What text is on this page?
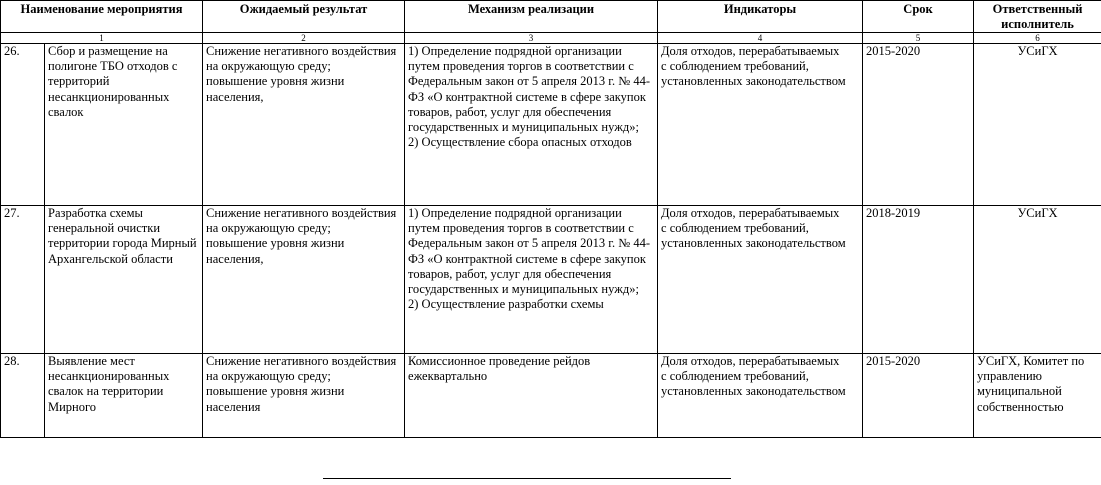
Наименование мероприятия		Ожидаемый результат	Механизм реализации	Индикаторы	Срок	Ответственный исполнитель
1		2	3	4	5	6
26.	Сбор и размещение на полигоне ТБО отходов с территорий несанкционированных свалок	Снижение негативного воздействия на окружающую среду;
повышение уровня жизни населения,	1) Определение подрядной организации путем проведения торгов в соответствии с Федеральным закон от 5 апреля 2013 г. № 44-ФЗ «О контрактной системе в сфере закупок товаров, работ, услуг для обеспечения государственных и муниципальных нужд»;
2) Осуществление сбора опасных отходов	Доля отходов, перерабатываемых
с соблюдением требований, установленных законодательством	2015-2020	УСиГХ
27.	Разработка схемы генеральной очистки территории города Мирный Архангельской области	Снижение негативного воздействия на окружающую среду;
повышение уровня жизни населения,	1) Определение подрядной организации путем проведения торгов в соответствии с Федеральным закон от 5 апреля 2013 г. № 44-ФЗ «О контрактной системе в сфере закупок товаров, работ, услуг для обеспечения государственных и муниципальных нужд»;
2) Осуществление разработки схемы	Доля отходов, перерабатываемых
с соблюдением требований, установленных законодательством	2018-2019	УСиГХ
28.	Выявление мест несанкционированных свалок на территории Мирного	Снижение негативного воздействия на окружающую среду;
повышение уровня жизни населения	Комиссионное проведение рейдов ежеквартально	Доля отходов, перерабатываемых
с соблюдением требований, установленных законодательством	2015-2020	УСиГХ, Комитет по управлению муниципальной собственностью
